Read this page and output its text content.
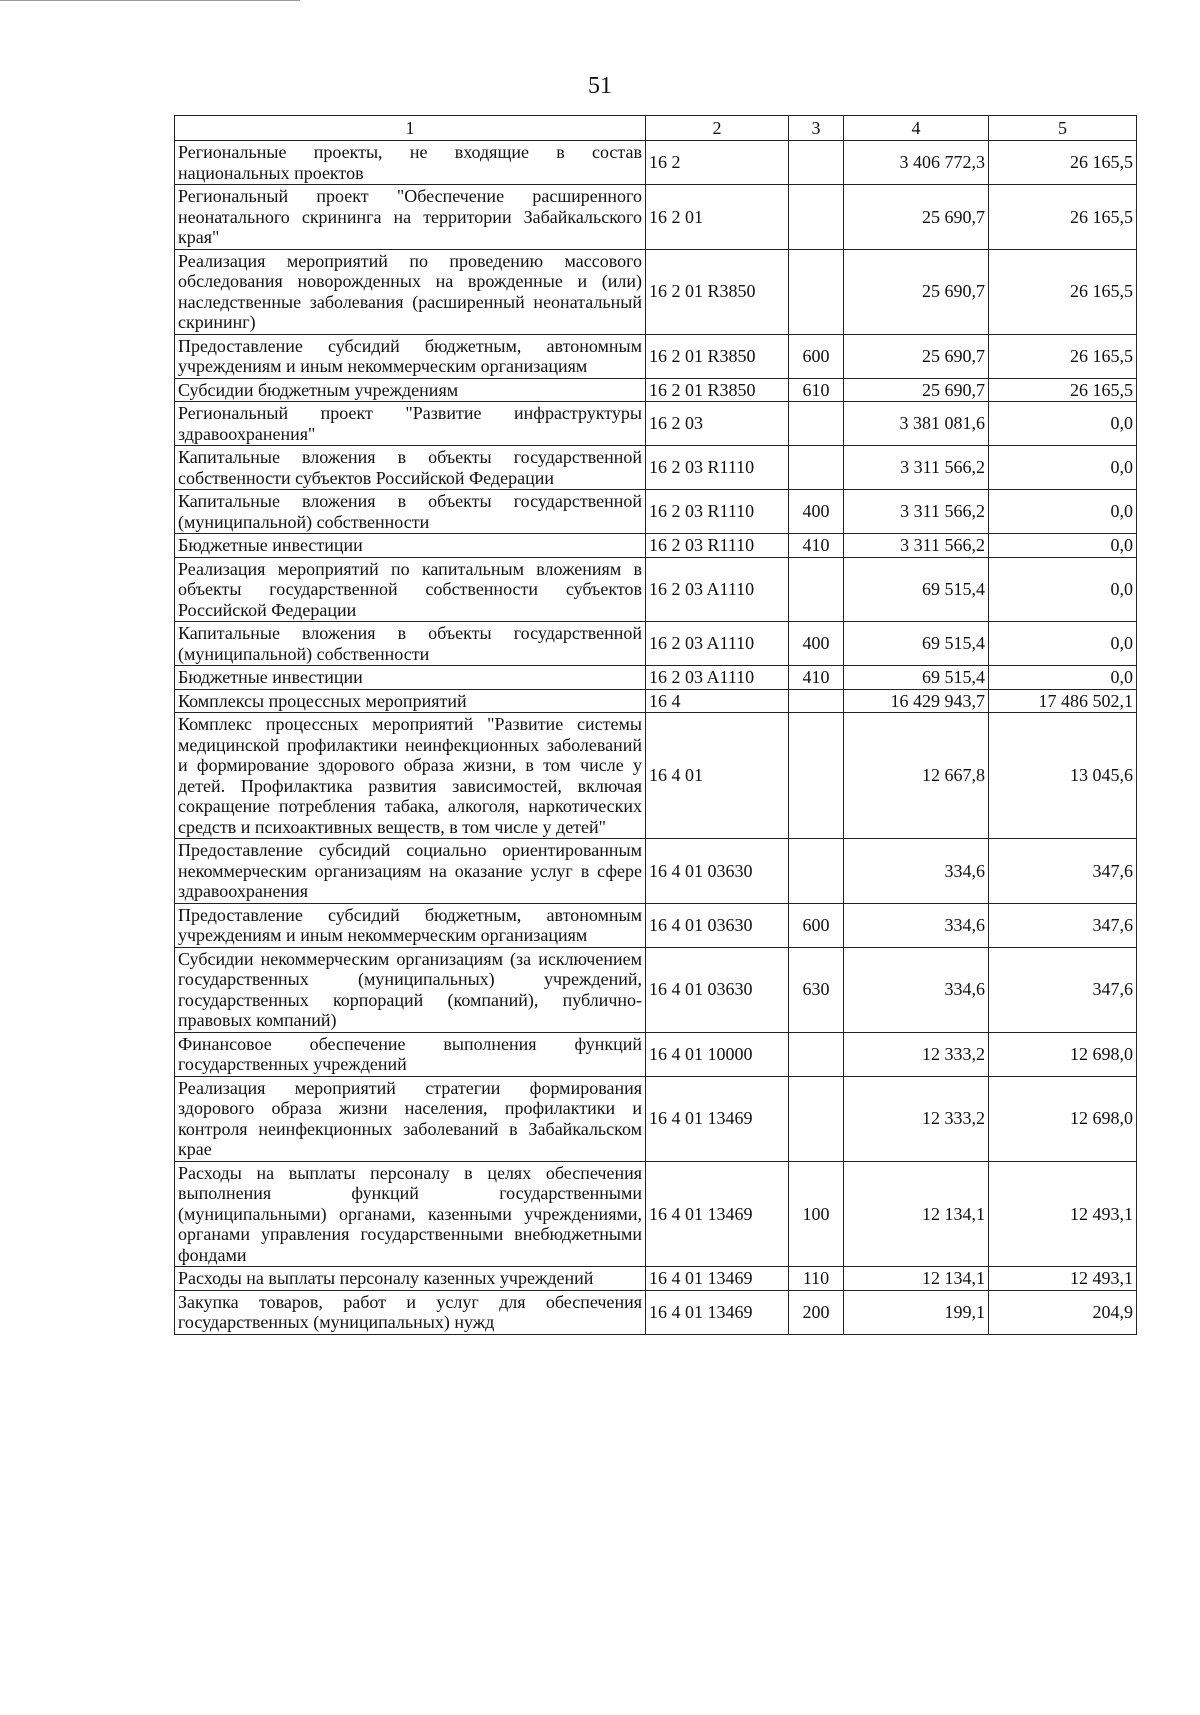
51
1	2	3	4	5
Региональные проекты, не входящие в состав национальных проектов	16 2		3 406 772,3	26 165,5
Региональный проект "Обеспечение расширенного неонатального скрининга на территории Забайкальского края"	16 2 01		25 690,7	26 165,5
Реализация мероприятий по проведению массового обследования новорожденных на врожденные и (или) наследственные заболевания (расширенный неонатальный скрининг)	16 2 01 R3850		25 690,7	26 165,5
Предоставление субсидий бюджетным, автономным учреждениям и иным некоммерческим организациям	16 2 01 R3850	600	25 690,7	26 165,5
Субсидии бюджетным учреждениям	16 2 01 R3850	610	25 690,7	26 165,5
Региональный проект "Развитие инфраструктуры здравоохранения"	16 2 03		3 381 081,6	0,0
Капитальные вложения в объекты государственной собственности субъектов Российской Федерации	16 2 03 R1110		3 311 566,2	0,0
Капитальные вложения в объекты государственной (муниципальной) собственности	16 2 03 R1110	400	3 311 566,2	0,0
Бюджетные инвестиции	16 2 03 R1110	410	3 311 566,2	0,0
Реализация мероприятий по капитальным вложениям в объекты государственной собственности субъектов Российской Федерации	16 2 03 A1110		69 515,4	0,0
Капитальные вложения в объекты государственной (муниципальной) собственности	16 2 03 A1110	400	69 515,4	0,0
Бюджетные инвестиции	16 2 03 A1110	410	69 515,4	0,0
Комплексы процессных мероприятий	16 4		16 429 943,7	17 486 502,1
Комплекс процессных мероприятий "Развитие системы медицинской профилактики неинфекционных заболеваний и формирование здорового образа жизни, в том числе у детей. Профилактика развития зависимостей, включая сокращение потребления табака, алкоголя, наркотических средств и психоактивных веществ, в том числе у детей"	16 4 01		12 667,8	13 045,6
Предоставление субсидий социально ориентированным некоммерческим организациям на оказание услуг в сфере здравоохранения	16 4 01 03630		334,6	347,6
Предоставление субсидий бюджетным, автономным учреждениям и иным некоммерческим организациям	16 4 01 03630	600	334,6	347,6
Субсидии некоммерческим организациям (за исключением государственных (муниципальных) учреждений, государственных корпораций (компаний), публично-правовых компаний)	16 4 01 03630	630	334,6	347,6
Финансовое обеспечение выполнения функций государственных учреждений	16 4 01 10000		12 333,2	12 698,0
Реализация мероприятий стратегии формирования здорового образа жизни населения, профилактики и контроля неинфекционных заболеваний в Забайкальском крае	16 4 01 13469		12 333,2	12 698,0
Расходы на выплаты персоналу в целях обеспечения выполнения функций государственными (муниципальными) органами, казенными учреждениями, органами управления государственными внебюджетными фондами	16 4 01 13469	100	12 134,1	12 493,1
Расходы на выплаты персоналу казенных учреждений	16 4 01 13469	110	12 134,1	12 493,1
Закупка товаров, работ и услуг для обеспечения государственных (муниципальных) нужд	16 4 01 13469	200	199,1	204,9
